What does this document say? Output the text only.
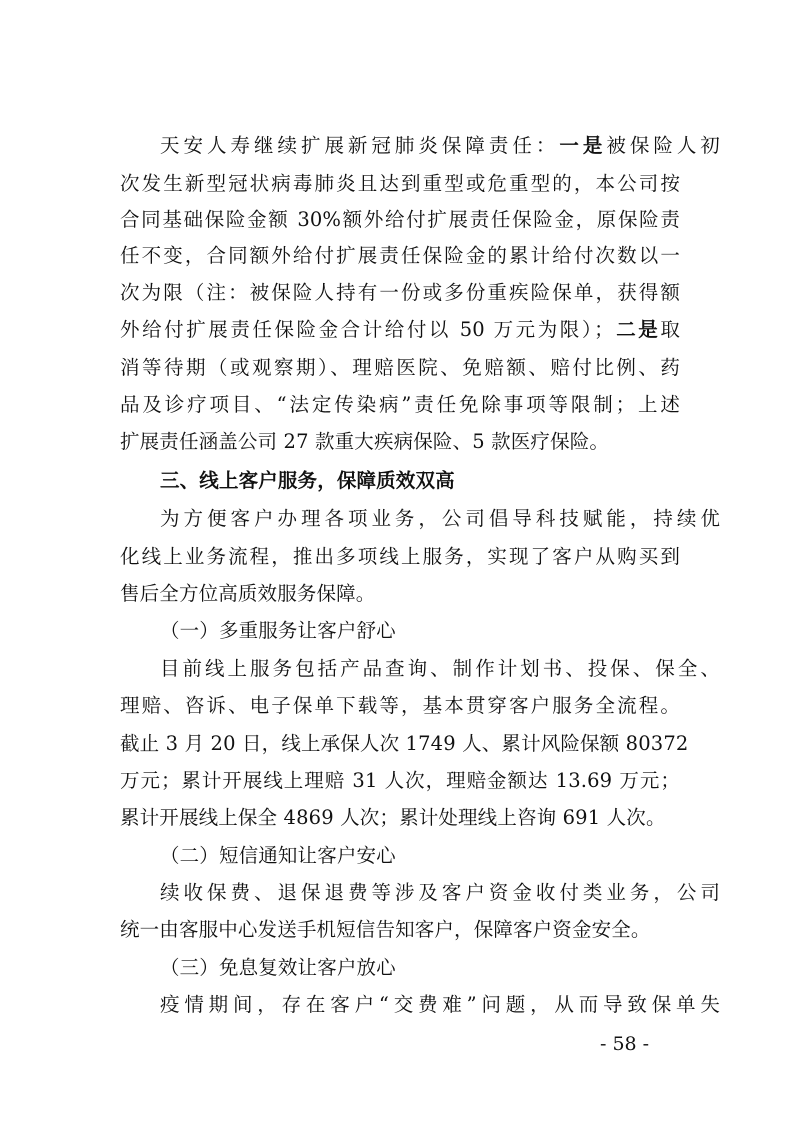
天安人寿继续扩展新冠肺炎保障责任：一是被保险人初
次发生新型冠状病毒肺炎且达到重型或危重型的，本公司按
合同基础保险金额 30%额外给付扩展责任保险金，原保险责
任不变，合同额外给付扩展责任保险金的累计给付次数以一
次为限（注：被保险人持有一份或多份重疾险保单，获得额
外给付扩展责任保险金合计给付以 50 万元为限）；二是取
消等待期（或观察期）、理赔医院、免赔额、赔付比例、药
品及诊疗项目、“法定传染病”责任免除事项等限制；上述
扩展责任涵盖公司 27 款重大疾病保险、5 款医疗保险。
三、线上客户服务，保障质效双高
为方便客户办理各项业务，公司倡导科技赋能，持续优
化线上业务流程，推出多项线上服务，实现了客户从购买到
售后全方位高质效服务保障。
（一）多重服务让客户舒心
目前线上服务包括产品查询、制作计划书、投保、保全、
理赔、咨诉、电子保单下载等，基本贯穿客户服务全流程。
截止 3 月 20 日，线上承保人次 1749 人、累计风险保额 80372
万元；累计开展线上理赔 31 人次，理赔金额达 13.69 万元；
累计开展线上保全 4869 人次；累计处理线上咨询 691 人次。
（二）短信通知让客户安心
续收保费、退保退费等涉及客户资金收付类业务，公司
统一由客服中心发送手机短信告知客户，保障客户资金安全。
（三）免息复效让客户放心
疫情期间，存在客户“交费难”问题，从而导致保单失
- 58 -
